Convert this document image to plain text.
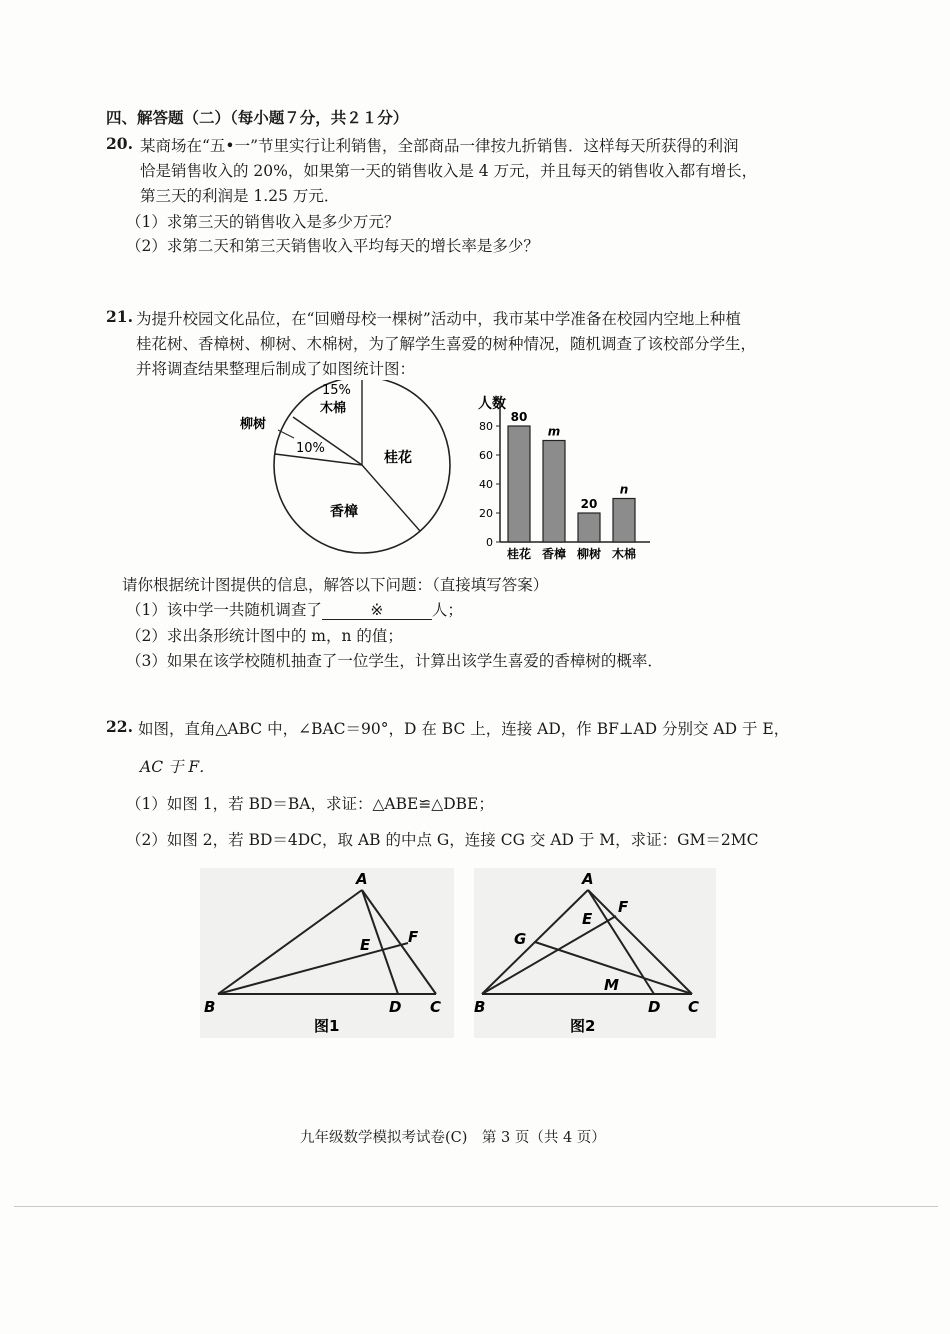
四、解答题（二）（每小题７分，共２１分）
20. 某商场在“五•一”节里实行让利销售，全部商品一律按九折销售．这样每天所获得的利润
恰是销售收入的 20%，如果第一天的销售收入是 4 万元，并且每天的销售收入都有增长，
第三天的利润是 1.25 万元．
（1）求第三天的销售收入是多少万元？
（2）求第二天和第三天销售收入平均每天的增长率是多少？
21. 为提升校园文化品位，在“回赠母校一棵树”活动中，我市某中学准备在校园内空地上种植
桂花树、香樟树、柳树、木棉树，为了解学生喜爱的树种情况，随机调查了该校部分学生，
并将调查结果整理后制成了如图统计图：
桂花
香樟
柳树
木棉
10%
15%
人数
0
20
40
60
80
80
桂花
m
香樟
20
柳树
n
木棉
请你根据统计图提供的信息，解答以下问题：（直接填写答案）
（1）该中学一共随机调查了	※	人；
（2）求出条形统计图中的 m，n 的值；
（3）如果在该学校随机抽查了一位学生，计算出该学生喜爱的香樟树的概率．
22. 如图，直角△ABC 中，∠BAC＝90°，D 在 BC 上，连接 AD，作 BF⊥AD 分别交 AD 于 E，
AC 于 F．
（1）如图 1，若 BD＝BA，求证：△ABE≌△DBE；
（2）如图 2，若 BD＝4DC，取 AB 的中点 G，连接 CG 交 AD 于 M，求证：GM＝2MC
A
B	C
D
E	F
图1
A
B	C
D
E
F
G
M
图2
九年级数学模拟考试卷(C)　第 3 页（共 4 页）
